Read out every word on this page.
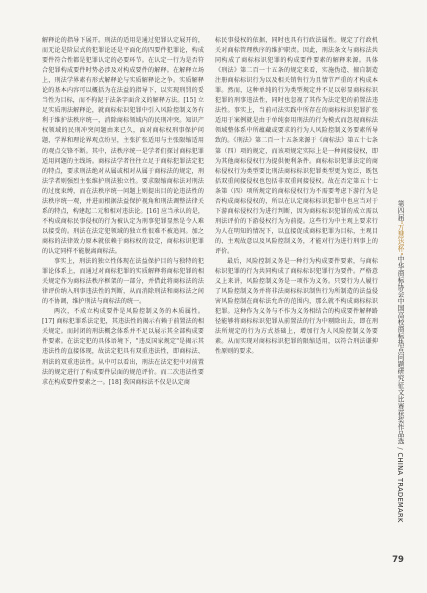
解释论的指导下展开。刑法的适用是通过犯罪认定展开的，而无论是阶层式的犯罪论还是平面化的四要件犯罪论，构成要件符合性都是犯罪认定的必要环节。在认定一行为是否符合犯罪构成要件时势必涉及对构成要件的解释。在解释立场上，刑法学界素有形式解释论与实质解释论之争。实质解释论的基本内容可以概括为在法益的指导下，以实现刑罚的妥当性为目标，而不拘泥于法条字面含义的解释方法。[15] 立足实质刑法解释论，就商标标识犯罪中引入风险控制义务有利于维护法秩序统一，消除商标领域内的民刑冲突。知识产权领域的民刑冲突问题由来已久，面对商标权刑事保护问题，学界和理论界观点纷呈，主张扩张适用与主张限缩适用的观点交锋不断。其中，法秩序统一是学者们探讨商标犯罪适用问题的主线场。商标法学者往往立足于商标犯罪法定犯的特点，要求刑法绝对从属或相对从属于商标法的规定，刑法学者则强烈主张维护刑法独立性。要求限缩商标法对刑法的过度束缚，而在法秩序统一问题上则提出目的论违法性的法秩序统一观，并进而根据法益保护视角和刑法调整法律关系的特点，构建起二元和相对违法论。[16] 应当承认的是，不构成商标民事侵权的行为被认定为刑事犯罪显然是令人难以接受的。刑法在法定犯领域的独立性很难不被追问。加之商标的法律效力原本就依赖于商标权的设定，商标标识犯罪的认定同样不能脱离商标法。

事实上，刑法的独立性体现在法益保护目的与独特的犯罪论体系上，而通过对商标犯罪的实质解释将商标犯罪的相关规定作为商标法秩序框架的一部分，并借此将商标法的法律评价纳入刑事违法性的判断，从而消除刑法和商标法之间的不协调，维护刑法与商标法的统一。

两次，不成立构成要件是风险控制义务的本质属性。[17] 商标犯罪系法定犯，其违法性的揭示有赖于前置法的相关规定。而封闭的刑法概念体系并不足以展示其全部构成要件要素。在法定犯的具体语境下，"违反国家规定"是揭示其违法性的直接体现，故法定犯具有双重违法性，即商标法、刑法的双重违法性。从中可以看出，刑法在法定犯中对前置法的规定进行了构成要件层面的规范评价。而二次违法性要求在构成要件要素之一。[18] 我国商标法不仅是认定商

标民事侵权的依据，同时也具有行政法属性。规定了行政机关对商标管理秩序的维护职责。因此，刑法条文与商标法共同构成了商标标识犯罪的构成要件要素的解释来源。具体《刑法》第二百一十五条的规定来看，实施伪造、擅自制造注册商标标识行为以及相关销售行为且情节严重的才构成本罪。然而，这种单纯的行为类型规定并不足以彰显商标标识犯罪的刑事违法性，同时也忽视了其作为法定犯的前置法违法性。事实上，当前司法实践中所存在的商标标识犯罪扩张适用于案例就是由于单纯套用刑法的行为模式而忽视商标法领域整体系中所蕴藏或要求的行为人风险控制义务要素所导致的。《刑法》第二百一十五条来源于《商标法》第五十七条第（四）项的规定，而该项规定实际上是一种间接侵权，即为其他商标侵权行为提供便利条件。商标标识犯罪法定的商标侵权行为类型要比刑法商标标识犯罪类型更为宽泛，既包括双重间接侵权也包括非双重间接侵权。故在否定第五十七条第（四）项所规定的商标侵权行为不需要考虑下游行为是否构成商标侵权的，所以在认定商标标识犯罪中也应当对于下游商标侵权行为进行判断，因为商标标识犯罪的成立需以刑法评价的下游侵权行为为前提。这些行为中主观上要求行为人在明知的情况下，以直接促成商标犯罪为目标，主观目的、主观故意以及风险控制义务，才能对行为进行刑事上的评价。

最后，风险控制义务是一种行为构成要件要素，与商标标识犯罪的行为共同构成了商标标识犯罪行为要件。严格意义上来讲，风险控制义务是一项作为义务。只要行为人履行了风险控制义务并将非法商标标识制售行为所制造的法益侵害风险控制在商标法允许的范围内，那么就不构成商标标识犯罪。这种作为义务与不作为义务相结合的构成要件解释路径能够将商标标识犯罪从前置法的行为中剔除出去，即在刑法所规定的行为方式基础上，增加行为人风险控制义务要素。从而实现对商标标识犯罪的限缩适用，以符合刑法谦抑性原则的要求。

第四届"万慧达杯"中华商标协会中国高校商标热点问题研究征文比赛获奖作品选 / CHINA TRADEMARK
79
